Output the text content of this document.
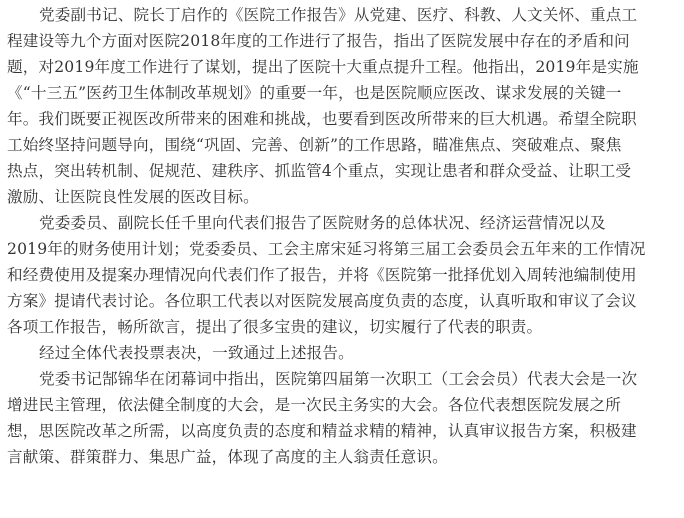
党委副书记、院长丁启作的《医院工作报告》从党建、医疗、科教、人文关怀、重点工
程建设等九个方面对医院2018年度的工作进行了报告，指出了医院发展中存在的矛盾和问
题，对2019年度工作进行了谋划，提出了医院十大重点提升工程。他指出，2019年是实施
《“十三五”医药卫生体制改革规划》的重要一年，也是医院顺应医改、谋求发展的关键一
年。我们既要正视医改所带来的困难和挑战，也要看到医改所带来的巨大机遇。希望全院职
工始终坚持问题导向，围绕“巩固、完善、创新”的工作思路，瞄准焦点、突破难点、聚焦
热点，突出转机制、促规范、建秩序、抓监管4个重点，实现让患者和群众受益、让职工受
激励、让医院良性发展的医改目标。
党委委员、副院长任千里向代表们报告了医院财务的总体状况、经济运营情况以及
2019年的财务使用计划；党委委员、工会主席宋延习将第三届工会委员会五年来的工作情况
和经费使用及提案办理情况向代表们作了报告，并将《医院第一批择优划入周转池编制使用
方案》提请代表讨论。各位职工代表以对医院发展高度负责的态度，认真听取和审议了会议
各项工作报告，畅所欲言，提出了很多宝贵的建议，切实履行了代表的职责。
经过全体代表投票表决，一致通过上述报告。
党委书记郜锦华在闭幕词中指出，医院第四届第一次职工（工会会员）代表大会是一次
增进民主管理，依法健全制度的大会，是一次民主务实的大会。各位代表想医院发展之所
想，思医院改革之所需，以高度负责的态度和精益求精的精神，认真审议报告方案，积极建
言献策、群策群力、集思广益，体现了高度的主人翁责任意识。
